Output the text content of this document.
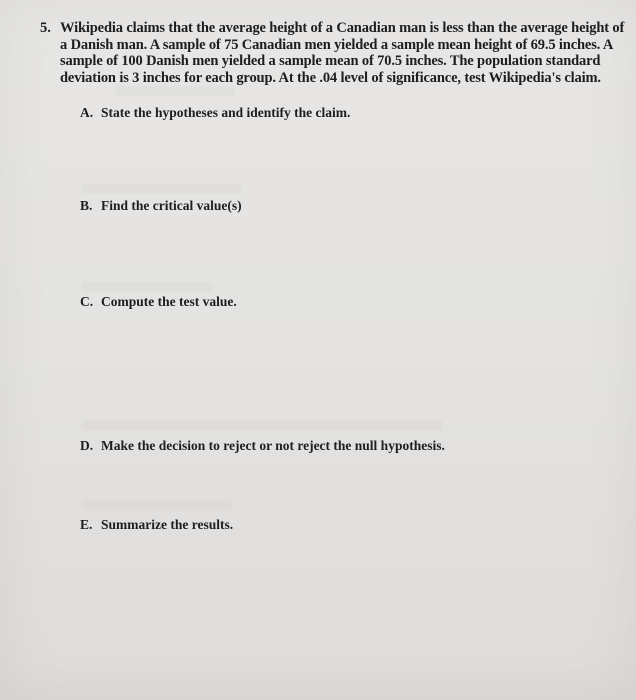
5. Wikipedia claims that the average height of a Canadian man is less than the average height of a Danish man. A sample of 75 Canadian men yielded a sample mean height of 69.5 inches. A sample of 100 Danish men yielded a sample mean of 70.5 inches. The population standard deviation is 3 inches for each group. At the .04 level of significance, test Wikipedia's claim.
A. State the hypotheses and identify the claim.
B. Find the critical value(s)
C. Compute the test value.
D. Make the decision to reject or not reject the null hypothesis.
E. Summarize the results.
